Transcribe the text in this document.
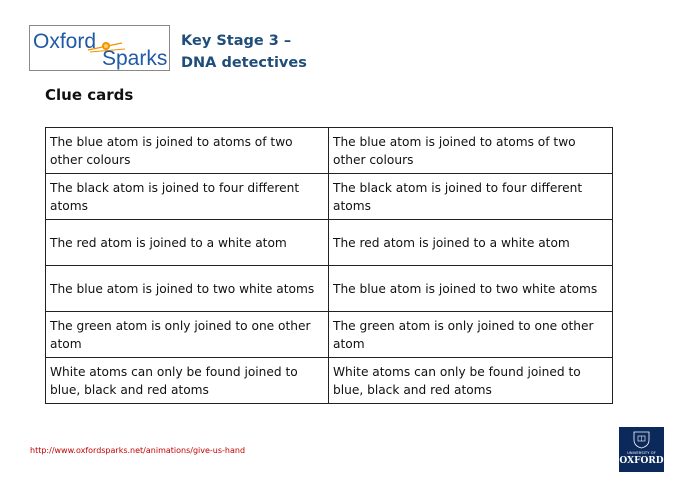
Oxford
Sparks
Key Stage 3 –
DNA detectives
Clue cards
The blue atom is joined to atoms of two other colours	The blue atom is joined to atoms of two other colours
The black atom is joined to four different atoms	The black atom is joined to four different atoms
The red atom is joined to a white atom	The red atom is joined to a white atom
The blue atom is joined to two white atoms	The blue atom is joined to two white atoms
The green atom is only joined to one other atom	The green atom is only joined to one other atom
White atoms can only be found joined to blue, black and red atoms	White atoms can only be found joined to blue, black and red atoms
http://www.oxfordsparks.net/animations/give-us-hand	UNIVERSITY OF
OXFORD
